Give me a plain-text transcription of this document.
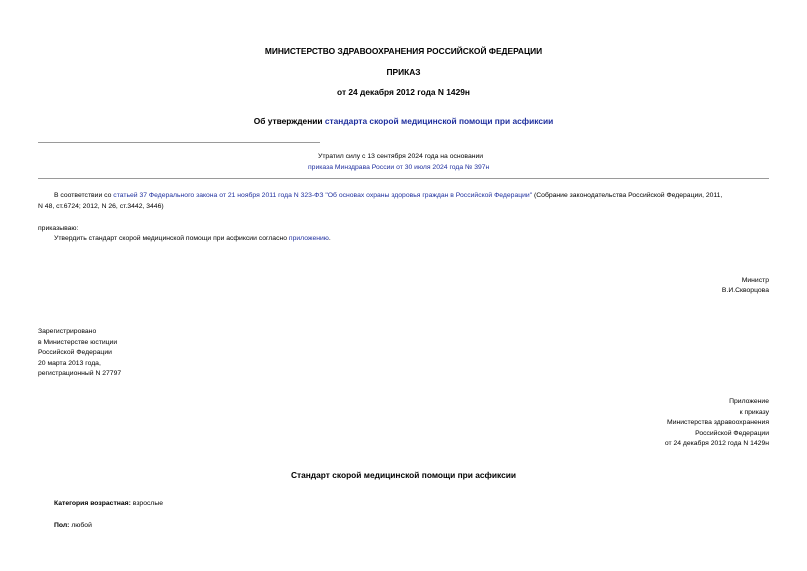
МИНИСТЕРСТВО ЗДРАВООХРАНЕНИЯ РОССИЙСКОЙ ФЕДЕРАЦИИ
ПРИКАЗ
от 24 декабря 2012 года N 1429н
Об утверждении стандарта скорой медицинской помощи при асфиксии
Утратил силу с 13 сентября 2024 года на основании
приказа Минздрава России от 30 июля 2024 года № 397н
В соответствии со статьей 37 Федерального закона от 21 ноября 2011 года N 323-ФЗ "Об основах охраны здоровья граждан в Российской Федерации" (Собрание законодательства Российской Федерации, 2011,
N 48, ст.6724; 2012, N 26, ст.3442, 3446)
приказываю:
Утвердить стандарт скорой медицинской помощи при асфиксии согласно приложению.
Министр
В.И.Скворцова
Зарегистрировано
в Министерстве юстиции
Российской Федерации
20 марта 2013 года,
регистрационный N 27797
Приложение
к приказу
Министерства здравоохранения
Российской Федерации
от 24 декабря 2012 года N 1429н
Стандарт скорой медицинской помощи при асфиксии
Категория возрастная: взрослые
Пол: любой
